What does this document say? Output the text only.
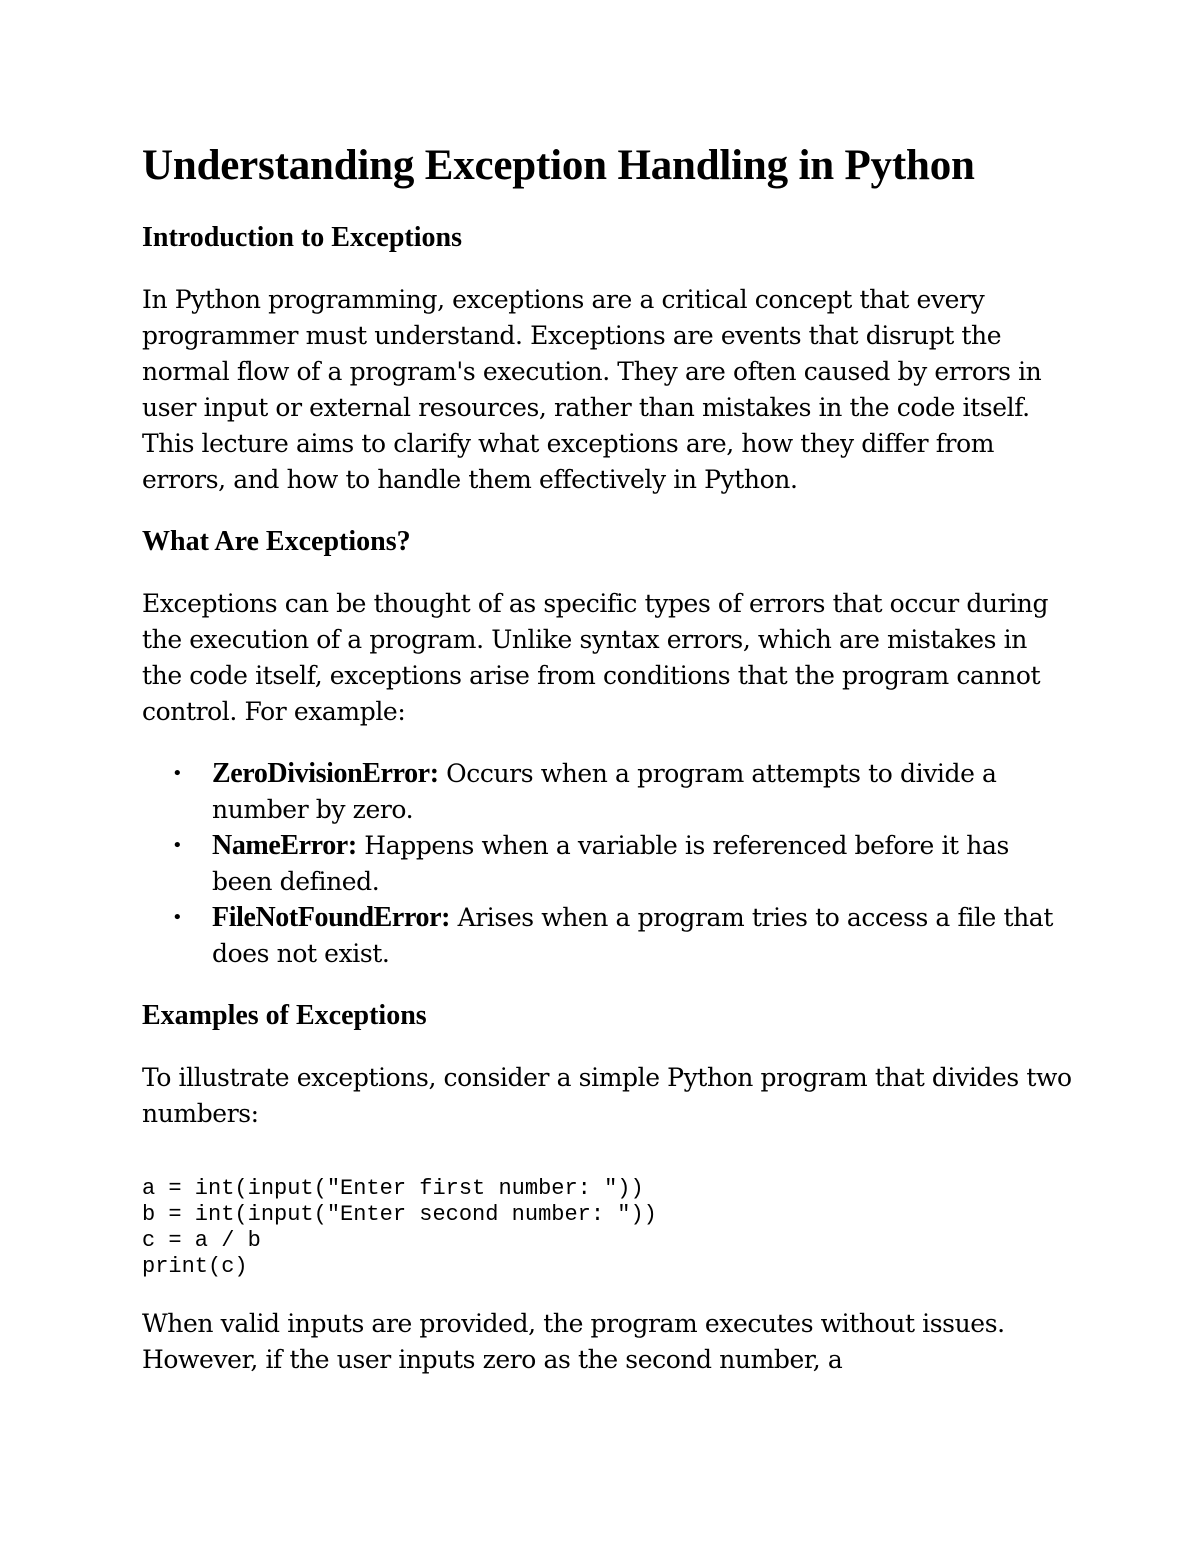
Understanding Exception Handling in Python
Introduction to Exceptions

In Python programming, exceptions are a critical concept that every programmer must understand. Exceptions are events that disrupt the normal flow of a program's execution. They are often caused by errors in user input or external resources, rather than mistakes in the code itself. This lecture aims to clarify what exceptions are, how they differ from errors, and how to handle them effectively in Python.

What Are Exceptions?

Exceptions can be thought of as specific types of errors that occur during the execution of a program. Unlike syntax errors, which are mistakes in the code itself, exceptions arise from conditions that the program cannot control. For example:

• ZeroDivisionError: Occurs when a program attempts to divide a number by zero.
• NameError: Happens when a variable is referenced before it has been defined.
• FileNotFoundError: Arises when a program tries to access a file that does not exist.
Examples of Exceptions

To illustrate exceptions, consider a simple Python program that divides two numbers:

a = int(input("Enter first number: "))
b = int(input("Enter second number: "))
c = a / b
print(c)

When valid inputs are provided, the program executes without issues. However, if the user inputs zero as the second number, a
